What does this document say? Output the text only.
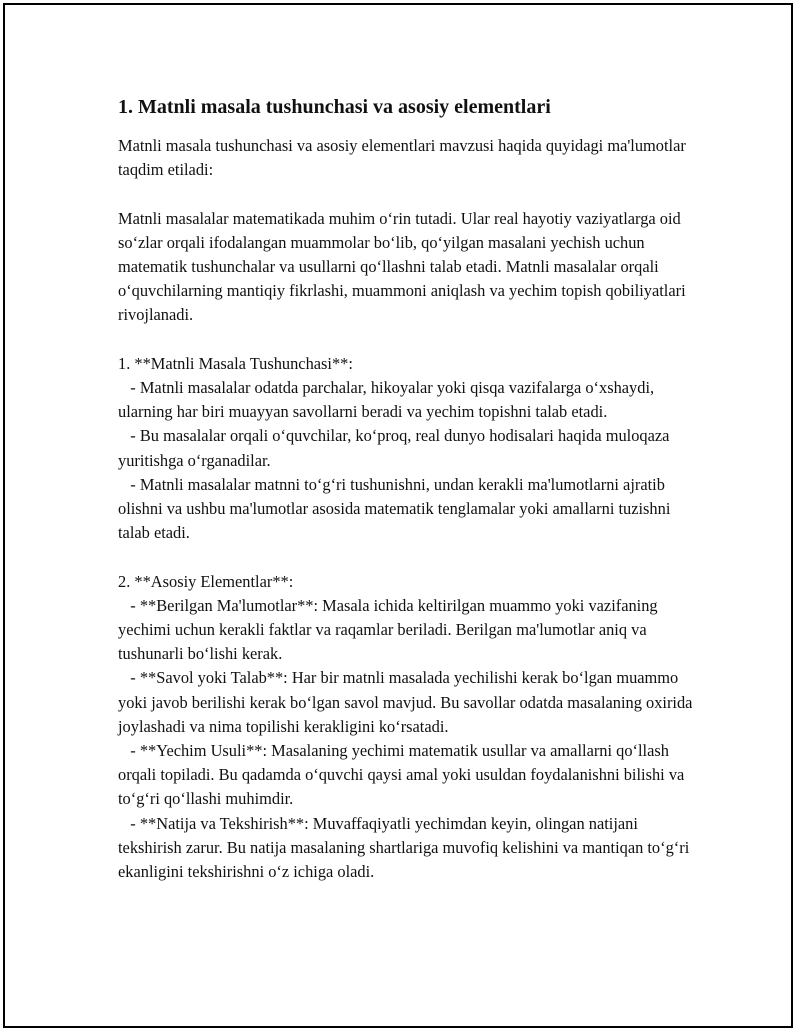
1. Matnli masala tushunchasi va asosiy elementlari

Matnli masala tushunchasi va asosiy elementlari mavzusi haqida quyidagi ma'lumotlar taqdim etiladi:

Matnli masalalar matematikada muhim oʻrin tutadi. Ular real hayotiy vaziyatlarga oid soʻzlar orqali ifodalangan muammolar boʻlib, qoʻyilgan masalani yechish uchun matematik tushunchalar va usullarni qoʻllashni talab etadi. Matnli masalalar orqali oʻquvchilarning mantiqiy fikrlashi, muammoni aniqlash va yechim topish qobiliyatlari rivojlanadi.

1. **Matnli Masala Tushunchasi**:

- Matnli masalalar odatda parchalar, hikoyalar yoki qisqa vazifalarga oʻxshaydi, ularning har biri muayyan savollarni beradi va yechim topishni talab etadi.

- Bu masalalar orqali oʻquvchilar, koʻproq, real dunyo hodisalari haqida muloqaza yuritishga oʻrganadilar.

- Matnli masalalar matnni toʻgʻri tushunishni, undan kerakli ma'lumotlarni ajratib olishni va ushbu ma'lumotlar asosida matematik tenglamalar yoki amallarni tuzishni talab etadi.

2. **Asosiy Elementlar**:

- **Berilgan Ma'lumotlar**: Masala ichida keltirilgan muammo yoki vazifaning yechimi uchun kerakli faktlar va raqamlar beriladi. Berilgan ma'lumotlar aniq va tushunarli boʻlishi kerak.

- **Savol yoki Talab**: Har bir matnli masalada yechilishi kerak boʻlgan muammo yoki javob berilishi kerak boʻlgan savol mavjud. Bu savollar odatda masalaning oxirida joylashadi va nima topilishi kerakligini koʻrsatadi.

- **Yechim Usuli**: Masalaning yechimi matematik usullar va amallarni qoʻllash orqali topiladi. Bu qadamda oʻquvchi qaysi amal yoki usuldan foydalanishni bilishi va toʻgʻri qoʻllashi muhimdir.

- **Natija va Tekshirish**: Muvaffaqiyatli yechimdan keyin, olingan natijani tekshirish zarur. Bu natija masalaning shartlariga muvofiq kelishini va mantiqan toʻgʻri ekanligini tekshirishni oʻz ichiga oladi.
